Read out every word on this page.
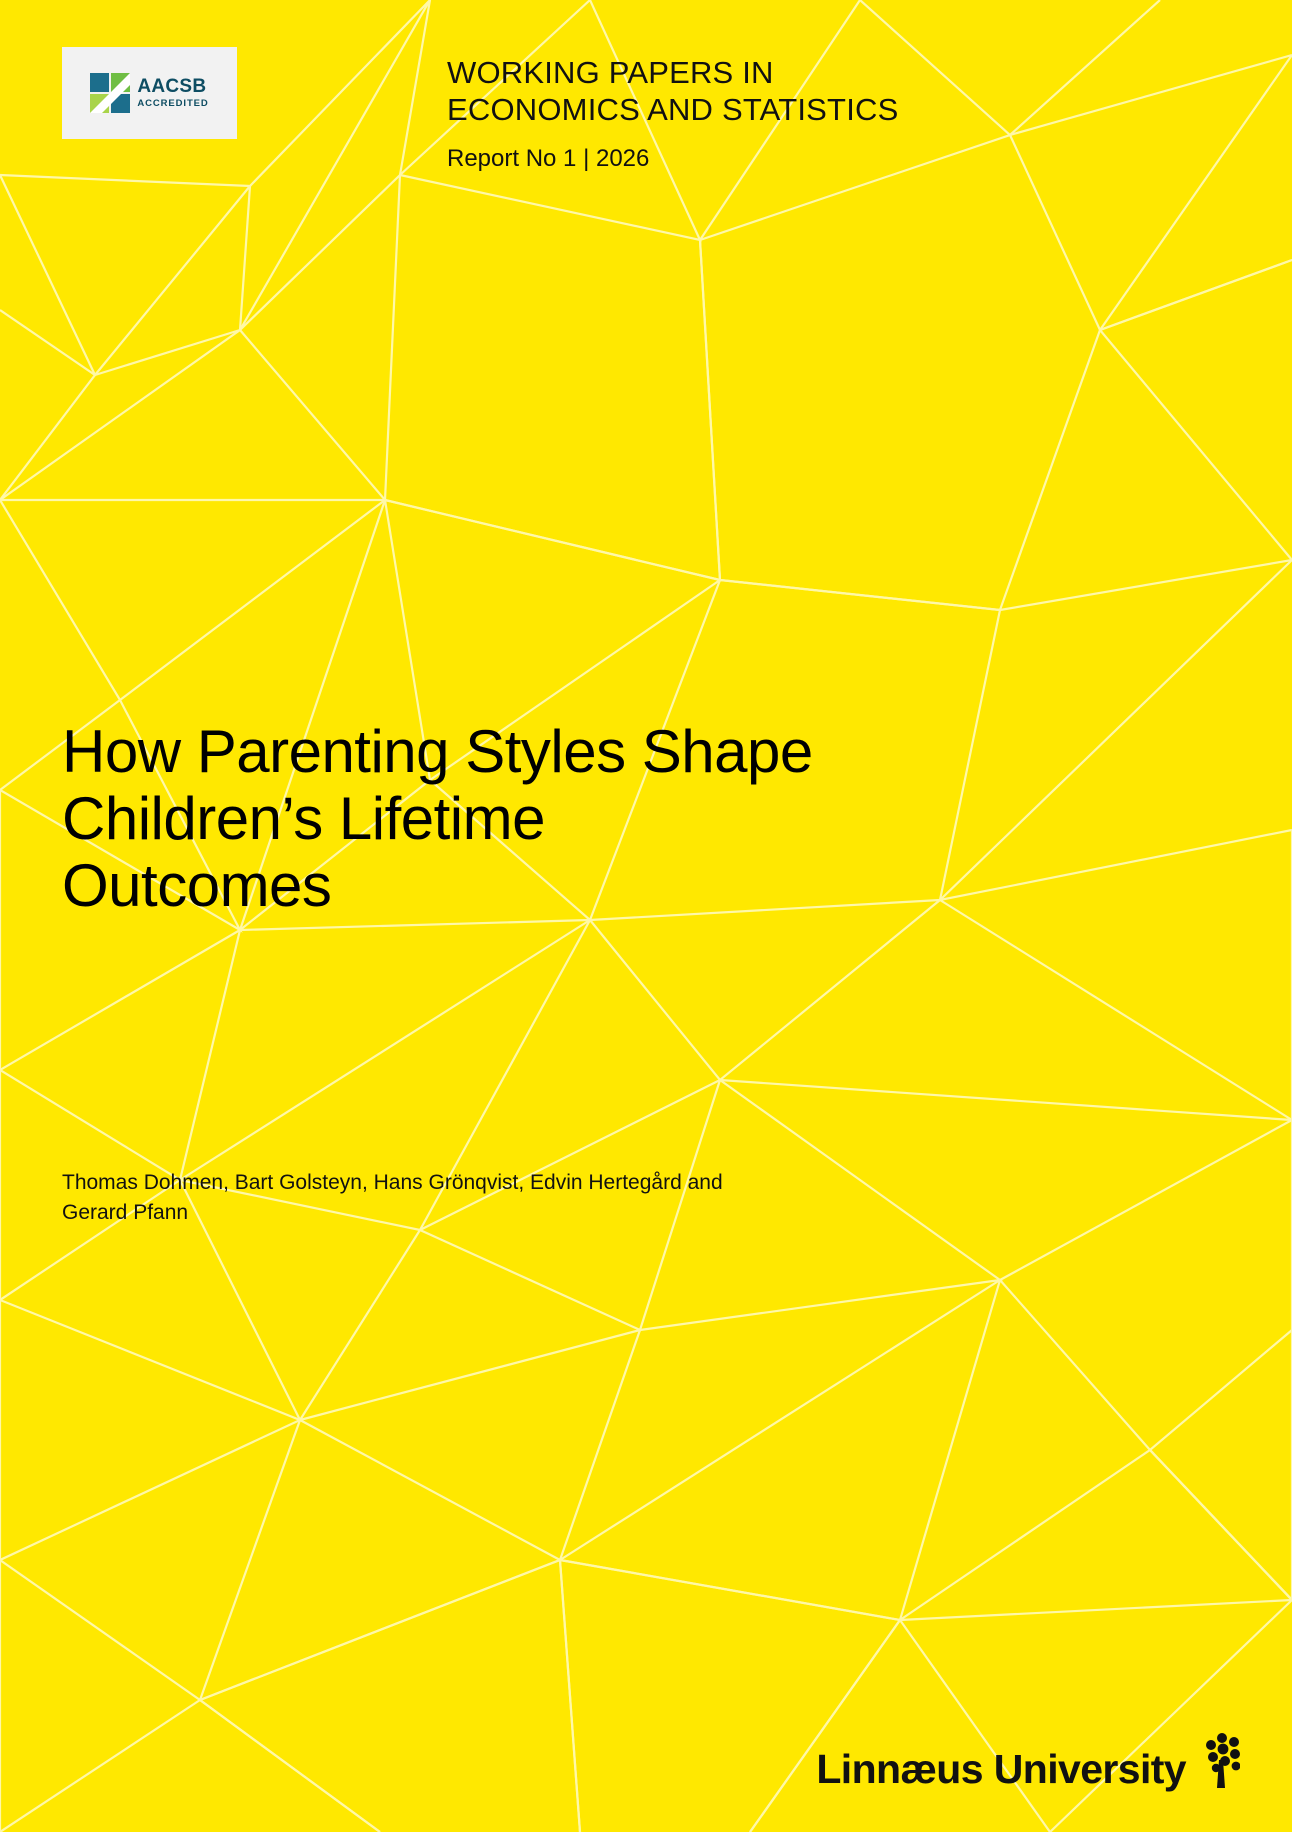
AACSB
ACCREDITED
WORKING PAPERS IN
ECONOMICS AND STATISTICS
Report No 1 | 2026
How Parenting Styles Shape Children’s Lifetime Outcomes
Thomas Dohmen, Bart Golsteyn, Hans Grönqvist, Edvin Hertegård and Gerard Pfann
Linnæus University
